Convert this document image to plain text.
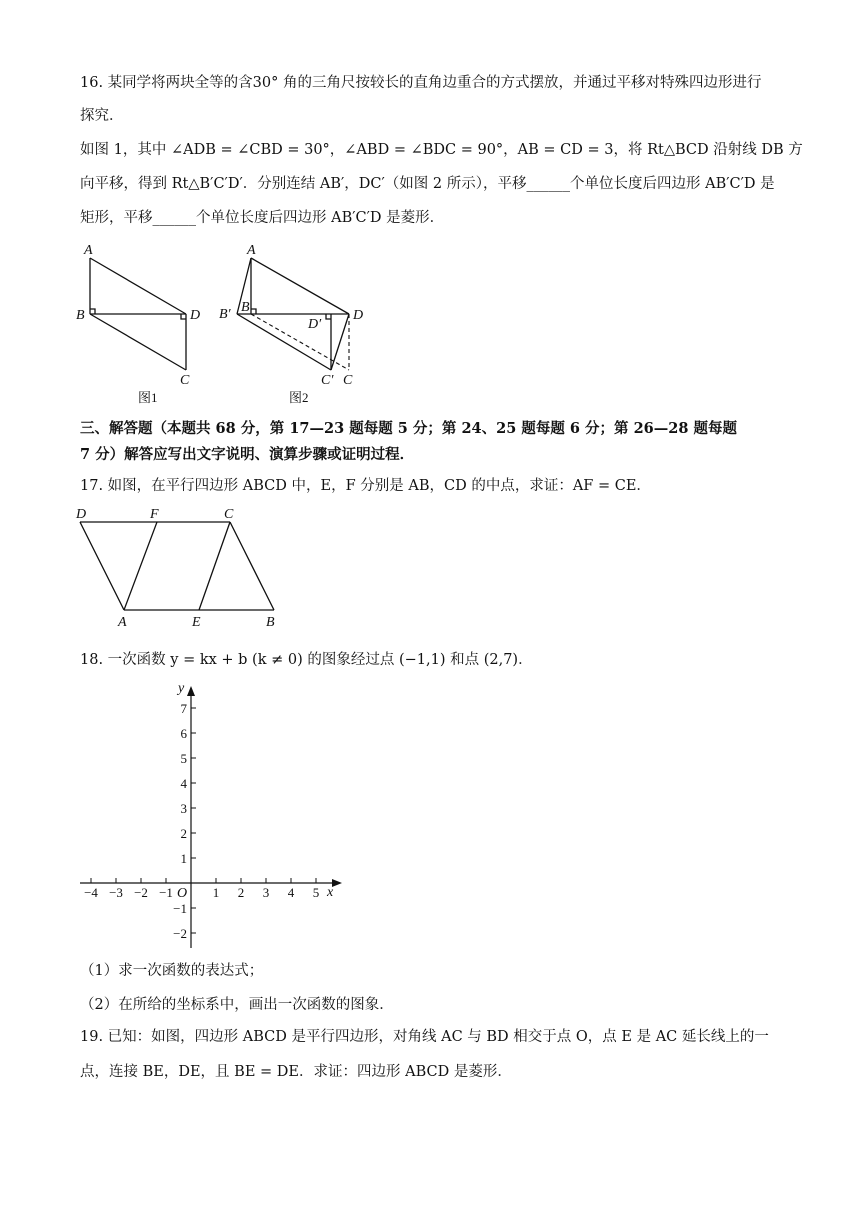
16. 某同学将两块全等的含30° 角的三角尺按较长的直角边重合的方式摆放，并通过平移对特殊四边形进行
探究．
如图 1，其中 ∠ADB = ∠CBD = 30°，∠ABD = ∠BDC = 90°，AB = CD = 3，将 Rt△BCD 沿射线 DB 方
向平移，得到 Rt△B′C′D′．分别连结 AB′，DC′（如图 2 所示），平移______个单位长度后四边形 AB′C′D 是
矩形，平移______个单位长度后四边形 AB′C′D 是菱形．
A
B	D
C
图1
A
B′ B
D′
D
C′ C
图2
三、解答题（本题共 68 分，第 17—23 题每题 5 分；第 24、25 题每题 6 分；第 26—28 题每题
7 分）解答应写出文字说明、演算步骤或证明过程．
17. 如图，在平行四边形 ABCD 中，E，F 分别是 AB，CD 的中点，求证：AF = CE．
D	F	C
A	E	B
18. 一次函数 y = kx + b (k ≠ 0) 的图象经过点 (−1,1) 和点 (2,7)．
−4 −3 −2 −1	1 2 3 4 5
7
6
5
4
3
2
1
−1
−2
x
y
O
（1）求一次函数的表达式；
（2）在所给的坐标系中，画出一次函数的图象．
19. 已知：如图，四边形 ABCD 是平行四边形，对角线 AC 与 BD 相交于点 O，点 E 是 AC 延长线上的一
点，连接 BE，DE，且 BE = DE．求证：四边形 ABCD 是菱形．
